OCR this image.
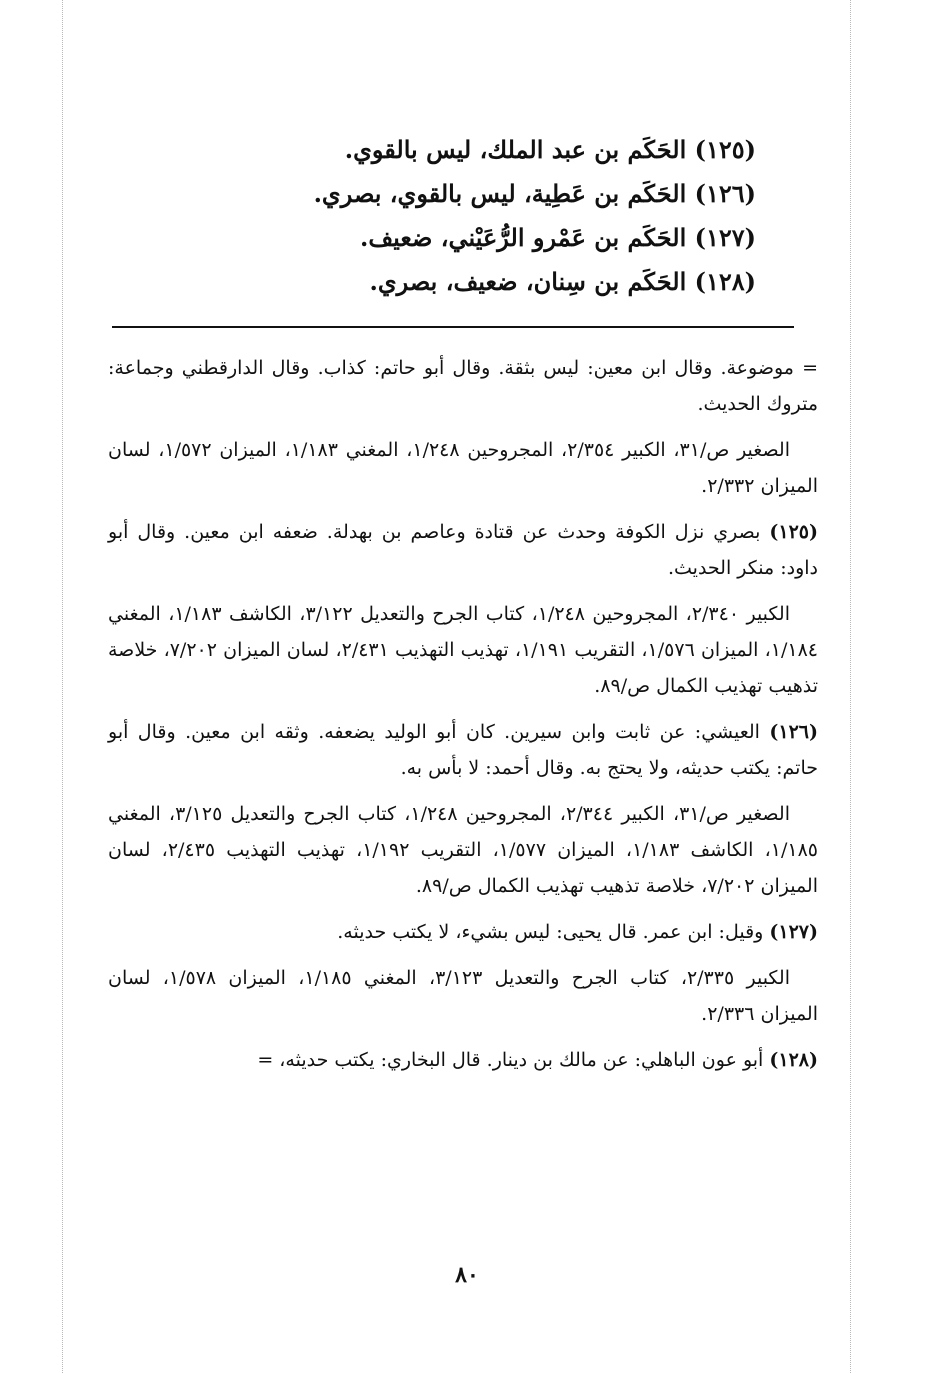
(١٢٥) الحَكَم بن عبد الملك، ليس بالقوي.

(١٢٦) الحَكَم بن عَطِية، ليس بالقوي، بصري.

(١٢٧) الحَكَم بن عَمْرو الرُّعَيْني، ضعيف.

(١٢٨) الحَكَم بن سِنان، ضعيف، بصري.

= موضوعة. وقال ابن معين: ليس بثقة. وقال أبو حاتم: كذاب. وقال الدارقطني وجماعة: متروك الحديث.

الصغير ص/٣١، الكبير ٢/٣٥٤، المجروحين ١/٢٤٨، المغني ١/١٨٣، الميزان ١/٥٧٢، لسان الميزان ٢/٣٣٢.

(١٢٥) بصري نزل الكوفة وحدث عن قتادة وعاصم بن بهدلة. ضعفه ابن معين. وقال أبو داود: منكر الحديث.

الكبير ٢/٣٤٠، المجروحين ١/٢٤٨، كتاب الجرح والتعديل ٣/١٢٢، الكاشف ١/١٨٣، المغني ١/١٨٤، الميزان ١/٥٧٦، التقريب ١/١٩١، تهذيب التهذيب ٢/٤٣١، لسان الميزان ٧/٢٠٢، خلاصة تذهيب تهذيب الكمال ص/٨٩.

(١٢٦) العيشي: عن ثابت وابن سيرين. كان أبو الوليد يضعفه. وثقه ابن معين. وقال أبو حاتم: يكتب حديثه، ولا يحتج به. وقال أحمد: لا بأس به.

الصغير ص/٣١، الكبير ٢/٣٤٤، المجروحين ١/٢٤٨، كتاب الجرح والتعديل ٣/١٢٥، المغني ١/١٨٥، الكاشف ١/١٨٣، الميزان ١/٥٧٧، التقريب ١/١٩٢، تهذيب التهذيب ٢/٤٣٥، لسان الميزان ٧/٢٠٢، خلاصة تذهيب تهذيب الكمال ص/٨٩.

(١٢٧) وقيل: ابن عمر. قال يحيى: ليس بشيء، لا يكتب حديثه.

الكبير ٢/٣٣٥، كتاب الجرح والتعديل ٣/١٢٣، المغني ١/١٨٥، الميزان ١/٥٧٨، لسان الميزان ٢/٣٣٦.

(١٢٨) أبو عون الباهلي: عن مالك بن دينار. قال البخاري: يكتب حديثه، =

٨٠
